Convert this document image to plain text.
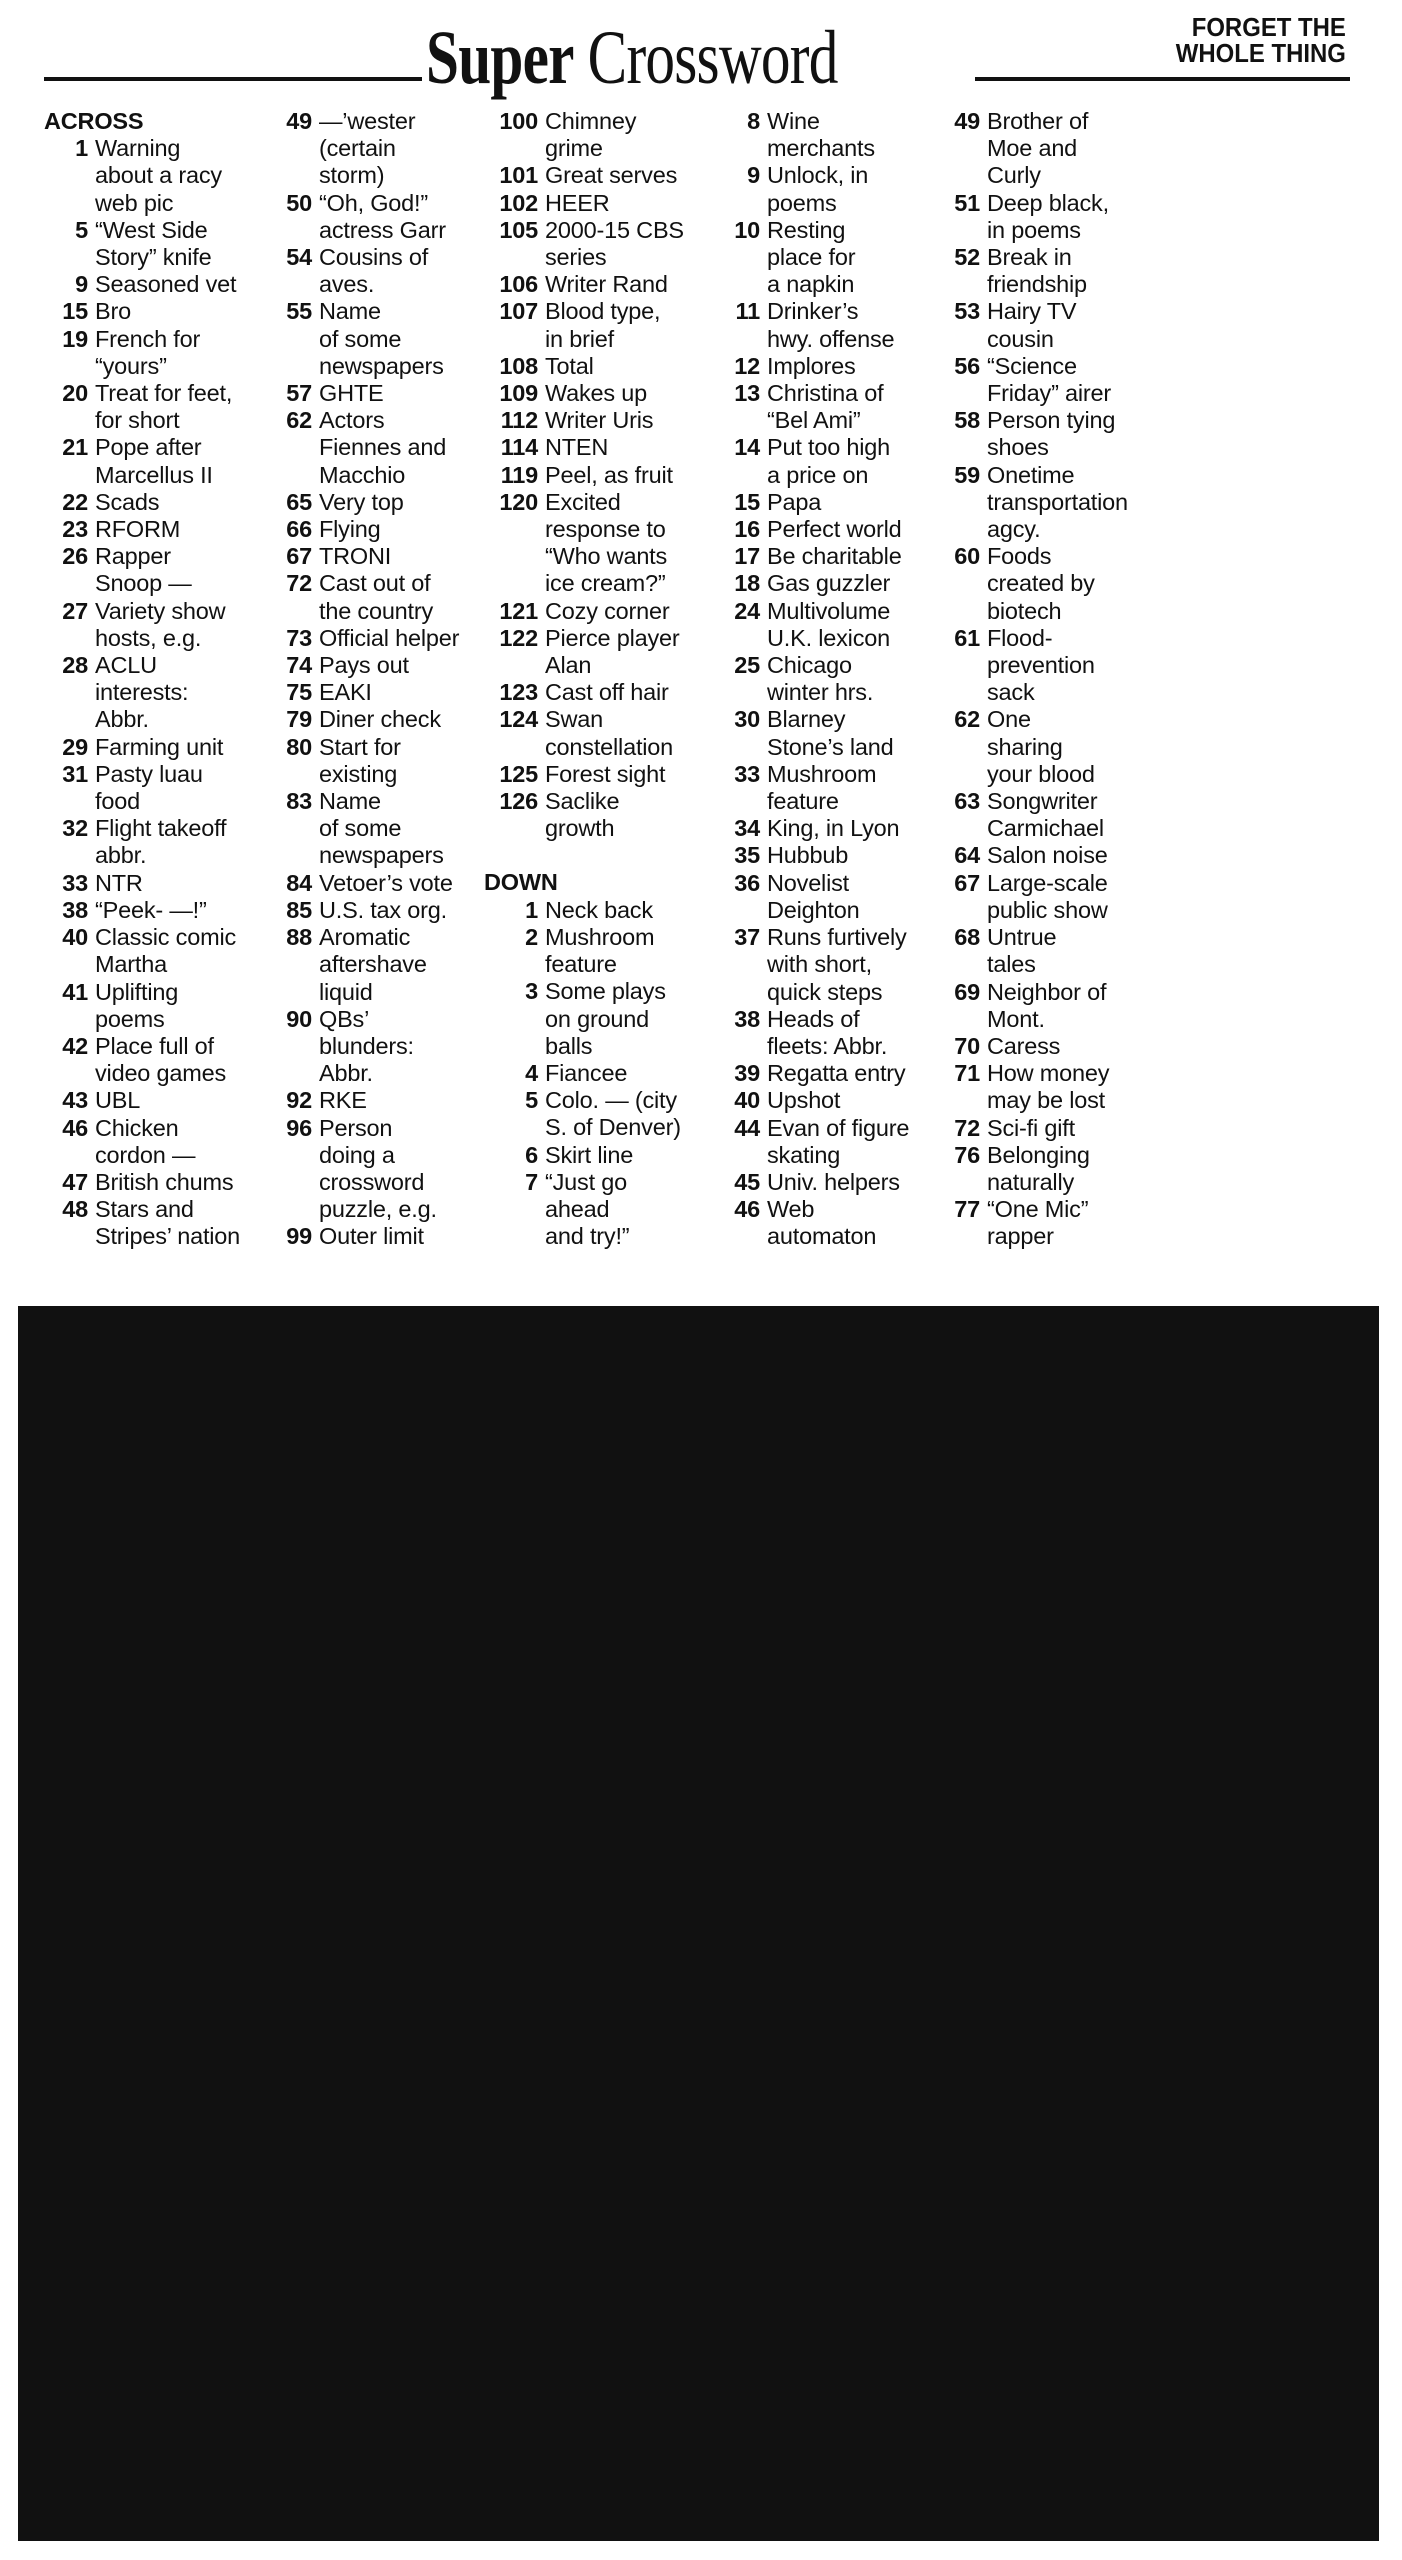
Super Crossword	FORGET THE
WHOLE THING
ACROSS
1 Warning
about a racy
web pic
5 “West Side
Story” knife
9 Seasoned vet
15 Bro
19 French for
“yours”
20 Treat for feet,
for short
21 Pope after
Marcellus II
22 Scads
23 RFORM
26 Rapper
Snoop —
27 Variety show
hosts, e.g.
28 ACLU
interests:
Abbr.
29 Farming unit
31 Pasty luau
food
32 Flight takeoff
abbr.
33 NTR
38 “Peek- —!”
40 Classic comic
Martha
41 Uplifting
poems
42 Place full of
video games
43 UBL
46 Chicken
cordon —
47 British chums
48 Stars and
Stripes’ nation
49 —’wester
(certain
storm)
50 “Oh, God!”
actress Garr
54 Cousins of
aves.
55 Name
of some
newspapers
57 GHTE
62 Actors
Fiennes and
Macchio
65 Very top
66 Flying
67 TRONI
72 Cast out of
the country
73 Official helper
74 Pays out
75 EAKI
79 Diner check
80 Start for
existing
83 Name
of some
newspapers
84 Vetoer’s vote
85 U.S. tax org.
88 Aromatic
aftershave
liquid
90 QBs’
blunders:
Abbr.
92 RKE
96 Person
doing a
crossword
puzzle, e.g.
99 Outer limit
100 Chimney
grime
101 Great serves
102 HEER
105 2000-15 CBS
series
106 Writer Rand
107 Blood type,
in brief
108 Total
109 Wakes up
112 Writer Uris
114 NTEN
119 Peel, as fruit
120 Excited
response to
“Who wants
ice cream?”
121 Cozy corner
122 Pierce player
Alan
123 Cast off hair
124 Swan
constellation
125 Forest sight
126 Saclike
growth
DOWN
1 Neck back
2 Mushroom
feature
3 Some plays
on ground
balls
4 Fiancee
5 Colo. — (city
S. of Denver)
6 Skirt line
7 “Just go
ahead
and try!”
8 Wine
merchants
9 Unlock, in
poems
10 Resting
place for
a napkin
11 Drinker’s
hwy. offense
12 Implores
13 Christina of
“Bel Ami”
14 Put too high
a price on
15 Papa
16 Perfect world
17 Be charitable
18 Gas guzzler
24 Multivolume
U.K. lexicon
25 Chicago
winter hrs.
30 Blarney
Stone’s land
33 Mushroom
feature
34 King, in Lyon
35 Hubbub
36 Novelist
Deighton
37 Runs furtively
with short,
quick steps
38 Heads of
fleets: Abbr.
39 Regatta entry
40 Upshot
44 Evan of figure
skating
45 Univ. helpers
46 Web
automaton
49 Brother of
Moe and
Curly
51 Deep black,
in poems
52 Break in
friendship
53 Hairy TV
cousin
56 “Science
Friday” airer
58 Person tying
shoes
59 Onetime
transportation
agcy.
60 Foods
created by
biotech
61 Flood-
prevention
sack
62 One
sharing
your blood
63 Songwriter
Carmichael
64 Salon noise
67 Large-scale
public show
68 Untrue
tales
69 Neighbor of
Mont.
70 Caress
71 How money
may be lost
72 Sci-fi gift
76 Belonging
naturally
77 “One Mic”
rapper
